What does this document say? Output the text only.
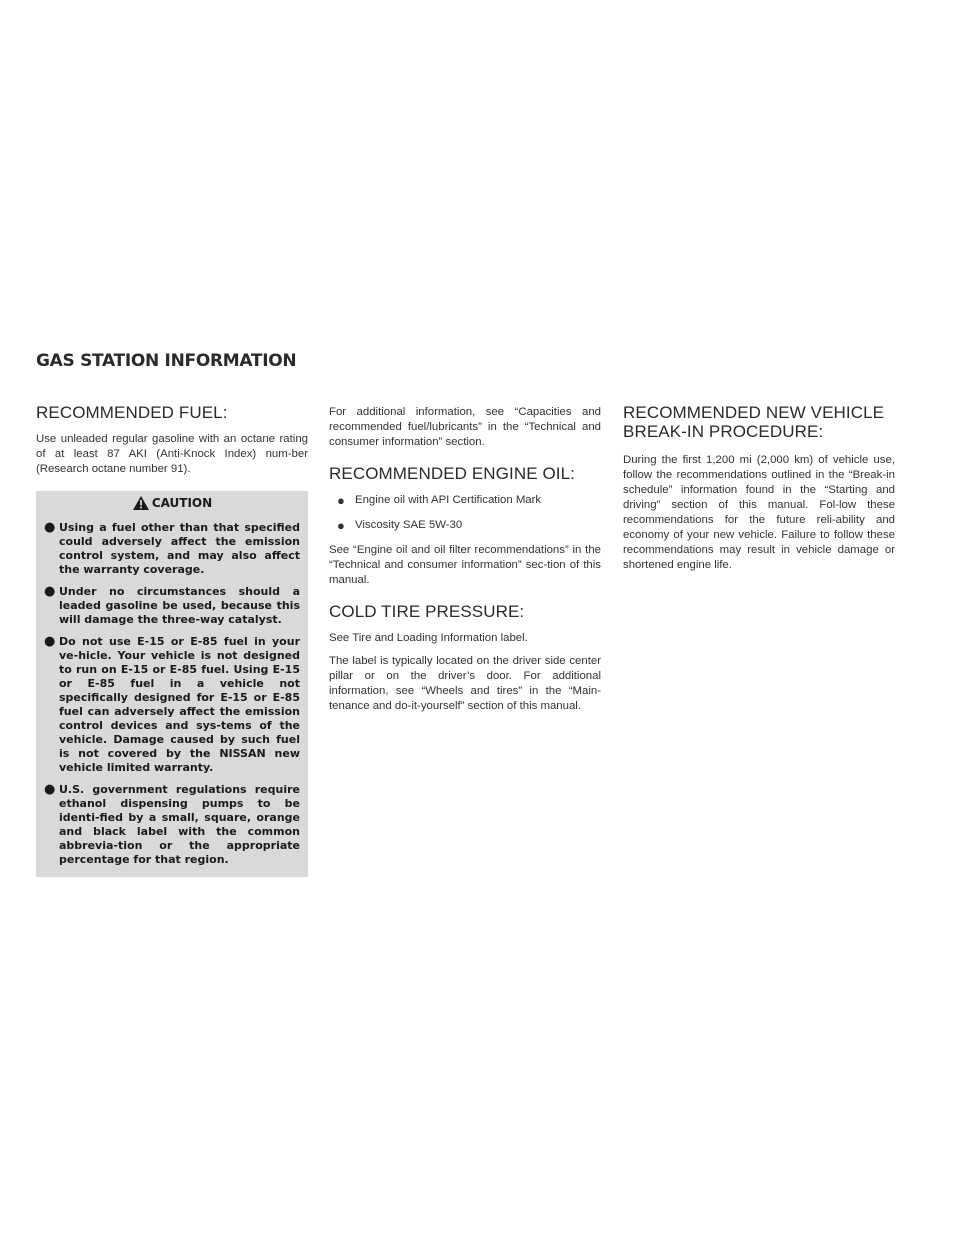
GAS STATION INFORMATION
RECOMMENDED FUEL:

Use unleaded regular gasoline with an octane rating of at least 87 AKI (Anti-Knock Index) num-ber (Research octane number 91).

CAUTION
● Using a fuel other than that specified could adversely affect the emission control system, and may also affect the warranty coverage.
● Under no circumstances should a leaded gasoline be used, because this will damage the three-way catalyst.
● Do not use E-15 or E-85 fuel in your ve-hicle. Your vehicle is not designed to run on E-15 or E-85 fuel. Using E-15 or E-85 fuel in a vehicle not specifically designed for E-15 or E-85 fuel can adversely affect the emission control devices and sys-tems of the vehicle. Damage caused by such fuel is not covered by the NISSAN new vehicle limited warranty.
● U.S. government regulations require ethanol dispensing pumps to be identi-fied by a small, square, orange and black label with the common abbrevia-tion or the appropriate percentage for that region.

For additional information, see “Capacities and recommended fuel/lubricants” in the “Technical and consumer information” section.

RECOMMENDED ENGINE OIL:
● Engine oil with API Certification Mark
● Viscosity SAE 5W-30

See “Engine oil and oil filter recommendations” in the “Technical and consumer information” sec-tion of this manual.

COLD TIRE PRESSURE:

See Tire and Loading Information label.

The label is typically located on the driver side center pillar or on the driver’s door. For additional information, see “Wheels and tires” in the “Main-tenance and do-it-yourself” section of this manual.

RECOMMENDED NEW VEHICLE
BREAK-IN PROCEDURE:

During the first 1,200 mi (2,000 km) of vehicle use, follow the recommendations outlined in the “Break-in schedule” information found in the “Starting and driving” section of this manual. Fol-low these recommendations for the future reli-ability and economy of your new vehicle. Failure to follow these recommendations may result in vehicle damage or shortened engine life.
